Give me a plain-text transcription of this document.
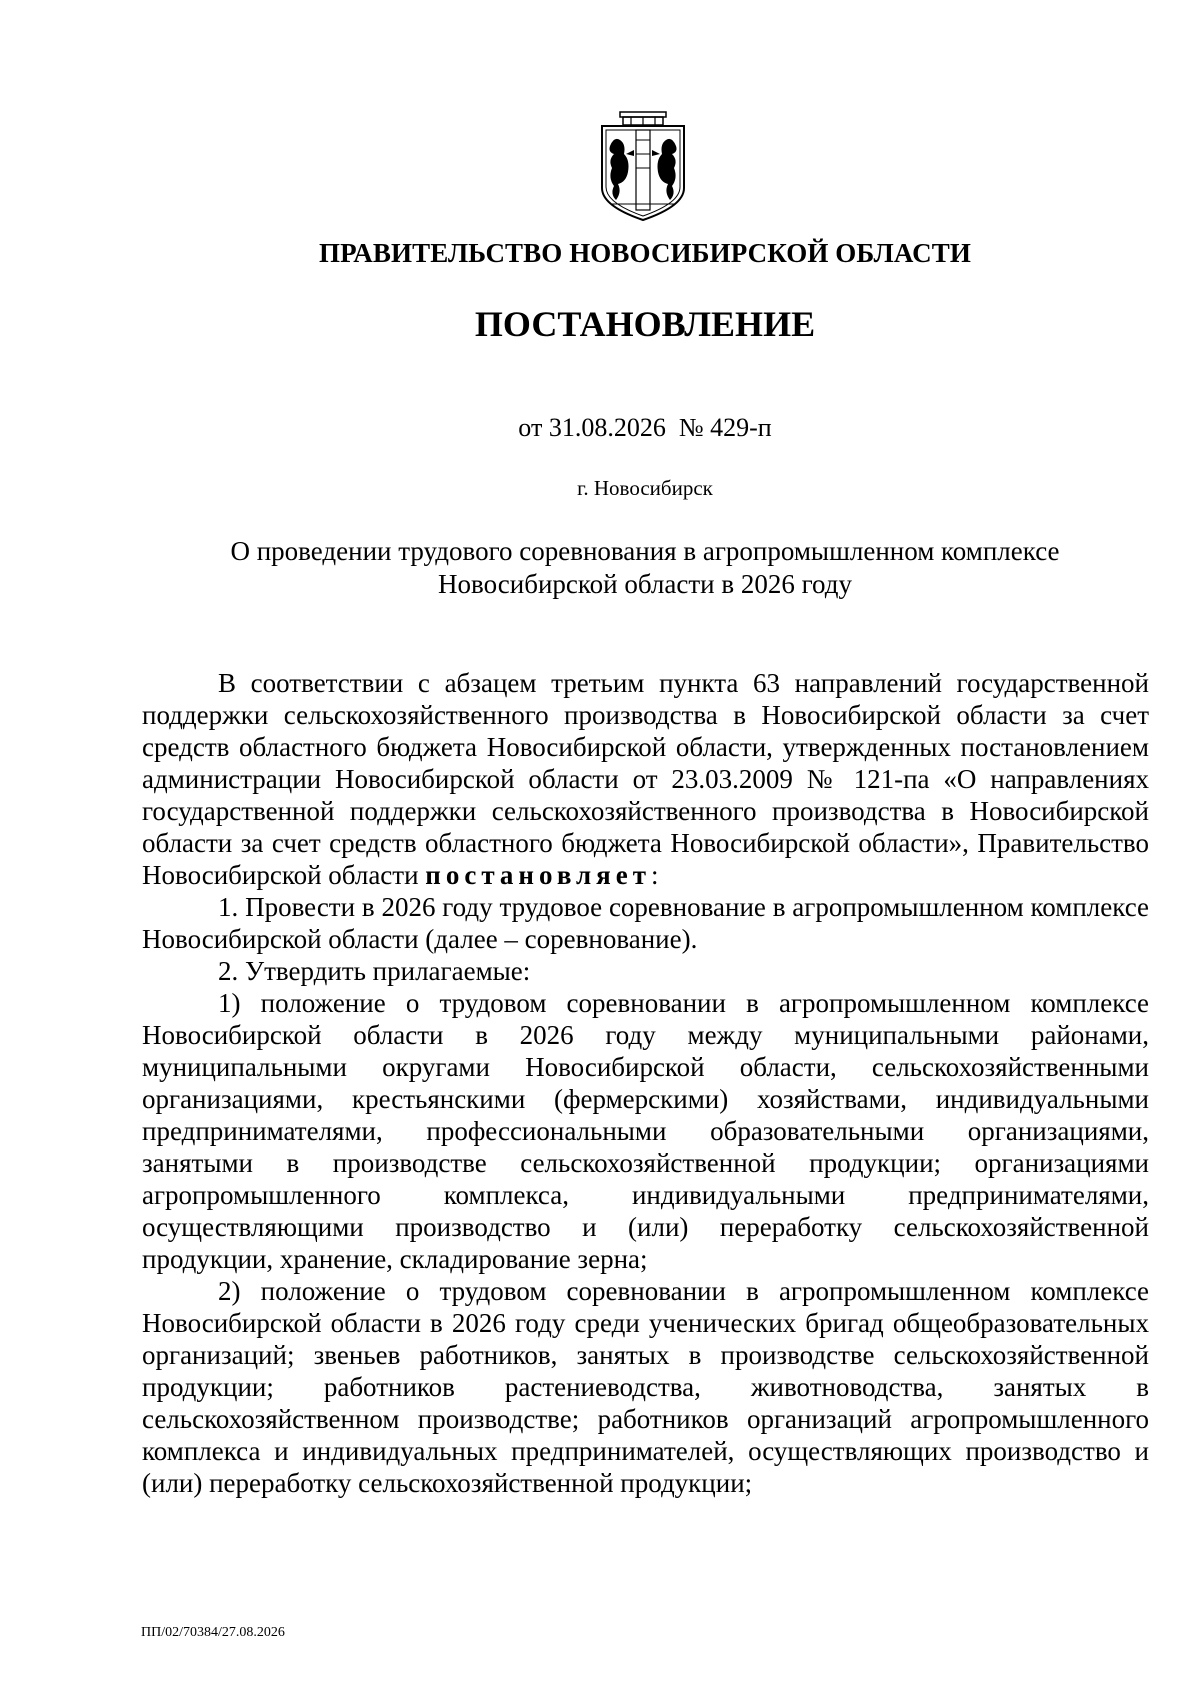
ПРАВИТЕЛЬСТВО НОВОСИБИРСКОЙ ОБЛАСТИ
ПОСТАНОВЛЕНИЕ
от 31.08.2026  № 429-п
г. Новосибирск
О проведении трудового соревнования в агропромышленном комплексе
Новосибирской области в 2026 году

В соответствии с абзацем третьим пункта 63 направлений государственной поддержки сельскохозяйственного производства в Новосибирской области за счет средств областного бюджета Новосибирской области, утвержденных постановлением администрации Новосибирской области от 23.03.2009 № 121-па «О направлениях государственной поддержки сельскохозяйственного производства в Новосибирской области за счет средств областного бюджета Новосибирской области», Правительство Новосибирской области постановляет:

1. Провести в 2026 году трудовое соревнование в агропромышленном комплексе Новосибирской области (далее – соревнование).

2. Утвердить прилагаемые:

1) положение о трудовом соревновании в агропромышленном комплексе Новосибирской области в 2026 году между муниципальными районами, муниципальными округами Новосибирской области, сельскохозяйственными организациями, крестьянскими (фермерскими) хозяйствами, индивидуальными предпринимателями, профессиональными образовательными организациями, занятыми в производстве сельскохозяйственной продукции; организациями агропромышленного комплекса, индивидуальными предпринимателями, осуществляющими производство и (или) переработку сельскохозяйственной продукции, хранение, складирование зерна;

2) положение о трудовом соревновании в агропромышленном комплексе Новосибирской области в 2026 году среди ученических бригад общеобразовательных организаций; звеньев работников, занятых в производстве сельскохозяйственной продукции; работников растениеводства, животноводства, занятых в сельскохозяйственном производстве; работников организаций агропромышленного комплекса и индивидуальных предпринимателей, осуществляющих производство и (или) переработку сельскохозяйственной продукции;

ПП/02/70384/27.08.2026
